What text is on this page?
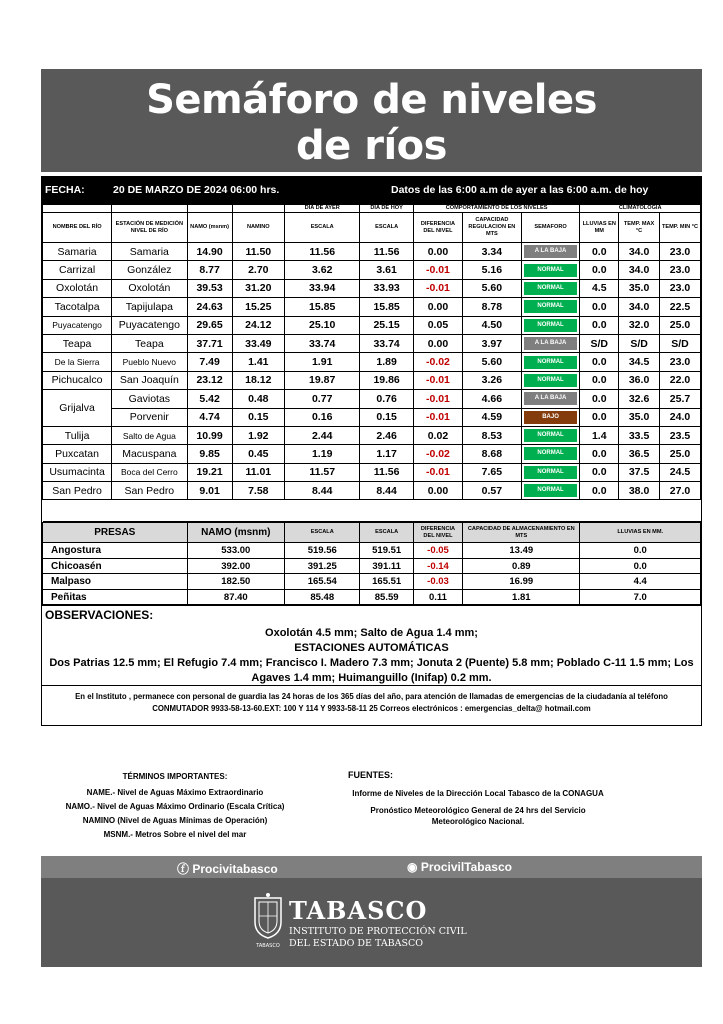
Semáforo de niveles
de ríos
FECHA:	20 DE MARZO DE 2024 06:00 hrs.	Datos de las 6:00 a.m de ayer a las 6:00 a.m. de hoy
				DIA DE AYER	DIA DE HOY	COMPORTAMIENTO DE LOS NIVELES			CLIMATOLOGIA		
NOMBRE DEL RÍO	ESTACIÓN DE MEDICIÓN NIVEL DE RÍO	NAMO (msnm)	NAMINO	ESCALA	ESCALA	DIFERENCIA DEL NIVEL	CAPACIDAD REGULACION EN MTS	SEMAFORO	LLUVIAS EN MM	TEMP. MAX °C	TEMP. MIN °C
Samaria	Samaria	14.90	11.50	11.56	11.56	0.00	3.34	A LA BAJA	0.0	34.0	23.0
Carrizal	González	8.77	2.70	3.62	3.61	-0.01	5.16	NORMAL	0.0	34.0	23.0
Oxolotán	Oxolotán	39.53	31.20	33.94	33.93	-0.01	5.60	NORMAL	4.5	35.0	23.0
Tacotalpa	Tapijulapa	24.63	15.25	15.85	15.85	0.00	8.78	NORMAL	0.0	34.0	22.5
Puyacatengo	Puyacatengo	29.65	24.12	25.10	25.15	0.05	4.50	NORMAL	0.0	32.0	25.0
Teapa	Teapa	37.71	33.49	33.74	33.74	0.00	3.97	A LA BAJA	S/D	S/D	S/D
De la Sierra	Pueblo Nuevo	7.49	1.41	1.91	1.89	-0.02	5.60	NORMAL	0.0	34.5	23.0
Pichucalco	San Joaquín	23.12	18.12	19.87	19.86	-0.01	3.26	NORMAL	0.0	36.0	22.0
Grijalva	Gaviotas	5.42	0.48	0.77	0.76	-0.01	4.66	A LA BAJA	0.0	32.6	25.7
	Porvenir	4.74	0.15	0.16	0.15	-0.01	4.59	BAJO	0.0	35.0	24.0
Tulija	Salto de Agua	10.99	1.92	2.44	2.46	0.02	8.53	NORMAL	1.4	33.5	23.5
Puxcatan	Macuspana	9.85	0.45	1.19	1.17	-0.02	8.68	NORMAL	0.0	36.5	25.0
Usumacinta	Boca del Cerro	19.21	11.01	11.57	11.56	-0.01	7.65	NORMAL	0.0	37.5	24.5
San Pedro	San Pedro	9.01	7.58	8.44	8.44	0.00	0.57	NORMAL	0.0	38.0	27.0

PRESAS	NAMO (msnm)	ESCALA	ESCALA	DIFERENCIA DEL NIVEL	CAPACIDAD DE ALMACENAMIENTO EN MTS	LLUVIAS EN MM.
Angostura	533.00	519.56	519.51	-0.05	13.49	0.0
Chicoasén	392.00	391.25	391.11	-0.14	0.89	0.0
Malpaso	182.50	165.54	165.51	-0.03	16.99	4.4
Peñitas	87.40	85.48	85.59	0.11	1.81	7.0
OBSERVACIONES:
Oxolotán 4.5 mm; Salto de Agua 1.4 mm;
ESTACIONES AUTOMÁTICAS
Dos Patrias 12.5 mm; El Refugio 7.4 mm; Francisco I. Madero 7.3 mm; Jonuta 2 (Puente) 5.8 mm; Poblado C-11 1.5 mm; Los Agaves 1.4 mm; Huimanguillo (Inifap) 0.2 mm.
En el Instituto , permanece con personal de guardia las 24 horas de los 365 días del año, para atención de llamadas de emergencias de la ciudadanía al teléfono
CONMUTADOR 9933-58-13-60.EXT: 100 Y 114 Y 9933-58-11 25 Correos electrónicos : emergencias_delta@ hotmail.com
TÉRMINOS IMPORTANTES:
NAME.- Nivel de Aguas Máximo Extraordinario
NAMO.- Nivel de Aguas Máximo Ordinario (Escala Crítica)
NAMINO (Nivel de Aguas Mínimas de Operación)
MSNM.- Metros Sobre el nivel del mar
FUENTES:

Informe de Niveles de la Dirección Local Tabasco de la CONAGUA

Pronóstico Meteorológico General de 24 hrs del Servicio Meteorológico Nacional.

ⓕ Procivitabasco	◉ ProcivilTabasco
TABASCO
TABASCO
INSTITUTO DE PROTECCIÓN CIVIL
DEL ESTADO DE TABASCO
